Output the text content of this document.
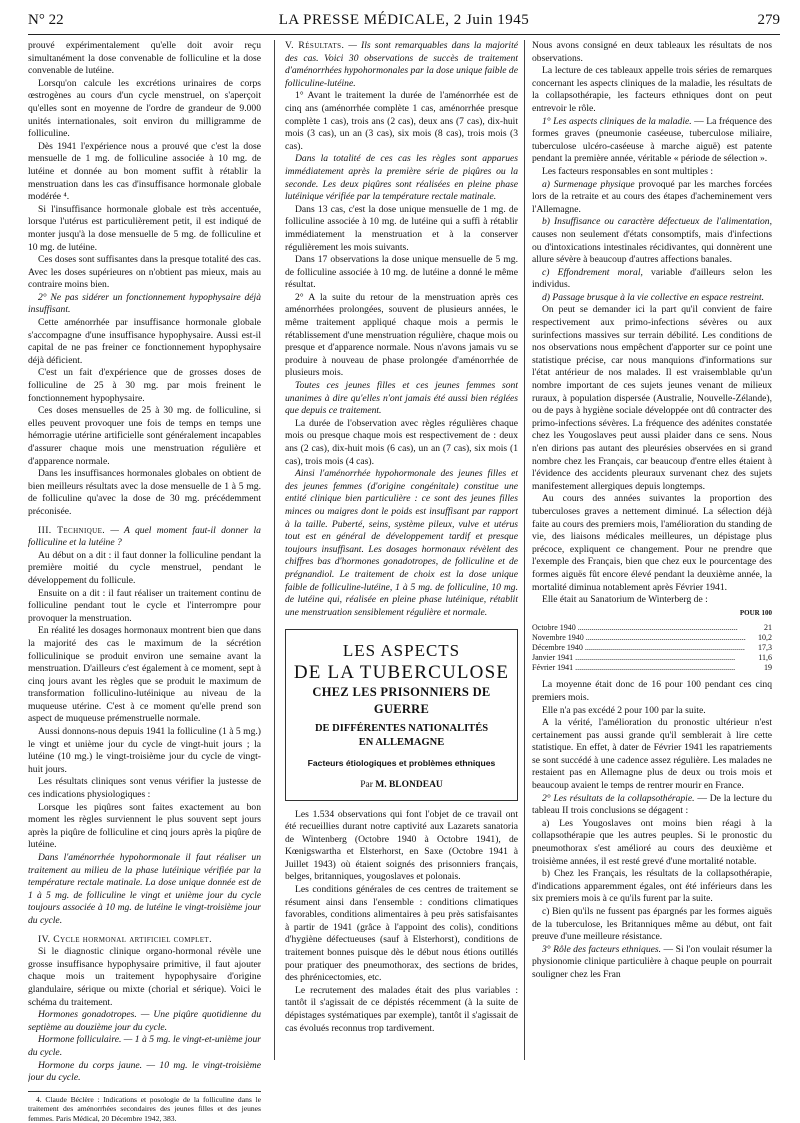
N° 22	LA PRESSE MÉDICALE, 2 Juin 1945	279

prouvé expérimentalement qu'elle doit avoir reçu simultanément la dose convenable de folliculine et la dose convenable de lutéine.

Lorsqu'on calcule les excrétions urinaires de corps œstrogènes au cours d'un cycle menstruel, on s'aperçoit qu'elles sont en moyenne de l'ordre de grandeur de 9.000 unités internationales, soit environ du milligramme de folliculine.

Dès 1941 l'expérience nous a prouvé que c'est la dose mensuelle de 1 mg. de folliculine associée à 10 mg. de lutéine et donnée au bon moment suffit à rétablir la menstruation dans les cas d'insuffisance hormonale globale modérée ⁴.

Si l'insuffisance hormonale globale est très accentuée, lorsque l'utérus est particulièrement petit, il est indiqué de monter jusqu'à la dose mensuelle de 5 mg. de folliculine et 10 mg. de lutéine.

Ces doses sont suffisantes dans la presque totalité des cas. Avec les doses supérieures on n'obtient pas mieux, mais au contraire moins bien.

2° Ne pas sidérer un fonctionnement hypophysaire déjà insuffisant.

Cette aménorrhée par insuffisance hormonale globale s'accompagne d'une insuffisance hypophysaire. Aussi est-il capital de ne pas freiner ce fonctionnement hypophysaire déjà déficient.

C'est un fait d'expérience que de grosses doses de folliculine de 25 à 30 mg. par mois freinent le fonctionnement hypophysaire.

Ces doses mensuelles de 25 à 30 mg. de folliculine, si elles peuvent provoquer une fois de temps en temps une hémorragie utérine artificielle sont généralement incapables d'assurer chaque mois une menstruation régulière et d'apparence normale.

Dans les insuffisances hormonales globales on obtient de bien meilleurs résultats avec la dose mensuelle de 1 à 5 mg. de folliculine qu'avec la dose de 30 mg. précédemment préconisée.

III. Technique. — A quel moment faut-il donner la folliculine et la lutéine ?

Au début on a dit : il faut donner la folliculine pendant la première moitié du cycle menstruel, pendant le développement du follicule.

Ensuite on a dit : il faut réaliser un traitement continu de folliculine pendant tout le cycle et l'interrompre pour provoquer la menstruation.

En réalité les dosages hormonaux montrent bien que dans la majorité des cas le maximum de la sécrétion folliculinique se produit environ une semaine avant la menstruation. D'ailleurs c'est également à ce moment, sept à cinq jours avant les règles que se produit le maximum de transformation folliculino-lutéinique au niveau de la muqueuse utérine. C'est à ce moment qu'elle prend son aspect de muqueuse prémenstruelle normale.

Aussi donnons-nous depuis 1941 la folliculine (1 à 5 mg.) le vingt et unième jour du cycle de vingt-huit jours ; la lutéine (10 mg.) le vingt-troisième jour du cycle de vingt-huit jours.

Les résultats cliniques sont venus vérifier la justesse de ces indications physiologiques :

Lorsque les piqûres sont faites exactement au bon moment les règles surviennent le plus souvent sept jours après la piqûre de folliculine et cinq jours après la piqûre de lutéine.

Dans l'aménorrhée hypohormonale il faut réaliser un traitement au milieu de la phase lutéinique vérifiée par la température rectale matinale. La dose unique donnée est de 1 à 5 mg. de folliculine le vingt et unième jour du cycle toujours associée à 10 mg. de lutéine le vingt-troisième jour du cycle.

IV. Cycle hormonal artificiel complet.

Si le diagnostic clinique organo-hormonal révèle une grosse insuffisance hypophysaire primitive, il faut ajouter chaque mois un traitement hypophysaire d'origine glandulaire, sérique ou mixte (chorial et sérique). Voici le schéma du traitement.

Hormones gonadotropes. — Une piqûre quotidienne du septième au douzième jour du cycle.

Hormone folliculaire. — 1 à 5 mg. le vingt-et-unième jour du cycle.

Hormone du corps jaune. — 10 mg. le vingt-troisième jour du cycle.

4. Claude Béclère : Indications et posologie de la folliculine dans le traitement des aménorrhées secondaires des jeunes filles et des jeunes femmes. Paris Médical, 20 Décembre 1942, 383.

V. Résultats. — Ils sont remarquables dans la majorité des cas. Voici 30 observations de succès de traitement d'aménorrhées hypohormonales par la dose unique faible de folliculine-lutéine.

1° Avant le traitement la durée de l'aménorrhée est de cinq ans (aménorrhée complète 1 cas, aménorrhée presque complète 1 cas), trois ans (2 cas), deux ans (7 cas), dix-huit mois (3 cas), un an (3 cas), six mois (8 cas), trois mois (3 cas).

Dans la totalité de ces cas les règles sont apparues immédiatement après la première série de piqûres ou la seconde. Les deux piqûres sont réalisées en pleine phase lutéinique vérifiée par la température rectale matinale.

Dans 13 cas, c'est la dose unique mensuelle de 1 mg. de folliculine associée à 10 mg. de lutéine qui a suffi à rétablir immédiatement la menstruation et à la conserver régulièrement les mois suivants.

Dans 17 observations la dose unique mensuelle de 5 mg. de folliculine associée à 10 mg. de lutéine a donné le même résultat.

2° A la suite du retour de la menstruation après ces aménorrhées prolongées, souvent de plusieurs années, le même traitement appliqué chaque mois a permis le rétablissement d'une menstruation régulière, chaque mois ou presque et d'apparence normale. Nous n'avons jamais vu se produire à nouveau de phase prolongée d'aménorrhée de plusieurs mois.

Toutes ces jeunes filles et ces jeunes femmes sont unanimes à dire qu'elles n'ont jamais été aussi bien réglées que depuis ce traitement.

La durée de l'observation avec règles régulières chaque mois ou presque chaque mois est respectivement de : deux ans (2 cas), dix-huit mois (6 cas), un an (7 cas), six mois (1 cas), trois mois (4 cas).

Ainsi l'aménorrhée hypohormonale des jeunes filles et des jeunes femmes (d'origine congénitale) constitue une entité clinique bien particulière : ce sont des jeunes filles minces ou maigres dont le poids est insuffisant par rapport à la taille. Puberté, seins, système pileux, vulve et utérus tout est en général de développement tardif et presque toujours insuffisant. Les dosages hormonaux révèlent des chiffres bas d'hormones gonadotropes, de folliculine et de prégnandiol. Le traitement de choix est la dose unique faible de folliculine-lutéine, 1 à 5 mg. de folliculine, 10 mg. de lutéine qui, réalisée en pleine phase lutéinique, rétablit une menstruation sensiblement régulière et normale.

LES ASPECTS
DE LA TUBERCULOSE
CHEZ LES PRISONNIERS DE GUERRE
DE DIFFÉRENTES NATIONALITÉS
EN ALLEMAGNE
Facteurs étiologiques et problèmes ethniques
Par M. BLONDEAU

Les 1.534 observations qui font l'objet de ce travail ont été recueillies durant notre captivité aux Lazarets sanatoria de Wintenberg (Octobre 1940 à Octobre 1941), de Kœnigswartha et Elsterhorst, en Saxe (Octobre 1941 à Juillet 1943) où étaient soignés des prisonniers français, belges, britanniques, yougoslaves et polonais.

Les conditions générales de ces centres de traitement se résument ainsi dans l'ensemble : conditions climatiques favorables, conditions alimentaires à peu près satisfaisantes à partir de 1941 (grâce à l'appoint des colis), conditions d'hygiène défectueuses (sauf à Elsterhorst), conditions de traitement bonnes puisque dès le début nous étions outillés pour pratiquer des pneumothorax, des sections de brides, des phrénicectomies, etc.

Le recrutement des malades était des plus variables : tantôt il s'agissait de ce dépistés récemment (à la suite de dépistages systématiques par exemple), tantôt il s'agissait de cas évolués reconnus trop tardivement.

Nous avons consigné en deux tableaux les résultats de nos observations.

La lecture de ces tableaux appelle trois séries de remarques concernant les aspects cliniques de la maladie, les résultats de la collapsothérapie, les facteurs ethniques dont on peut entrevoir le rôle.

1° Les aspects cliniques de la maladie. — La fréquence des formes graves (pneumonie caséeuse, tuberculose miliaire, tuberculose ulcéro-caséeuse à marche aiguë) est patente pendant la première année, véritable « période de sélection ».

Les facteurs responsables en sont multiples :

a) Surmenage physique provoqué par les marches forcées lors de la retraite et au cours des étapes d'acheminement vers l'Allemagne.

b) Insuffisance ou caractère défectueux de l'alimentation, causes non seulement d'états consomptifs, mais d'infections ou d'intoxications intestinales récidivantes, qui donnèrent une allure sévère à beaucoup d'autres affections banales.

c) Effondrement moral, variable d'ailleurs selon les individus.

d) Passage brusque à la vie collective en espace restreint.

On peut se demander ici la part qu'il convient de faire respectivement aux primo-infections sévères ou aux surinfections massives sur terrain débilité. Les conditions de nos observations nous empêchent d'apporter sur ce point une statistique précise, car nous manquions d'informations sur l'état antérieur de nos malades. Il est vraisemblable qu'un nombre important de ces sujets jeunes venant de milieux ruraux, à population dispersée (Australie, Nouvelle-Zélande), ou de pays à hygiène sociale développée ont dû contracter des primo-infections sévères. La fréquence des adénites constatée chez les Yougoslaves peut aussi plaider dans ce sens. Nous n'en dirions pas autant des pleurésies observées en si grand nombre chez les Français, car beaucoup d'entre elles étaient à l'évidence des accidents pleuraux survenant chez des sujets manifestement allergiques depuis longtemps.

Au cours des années suivantes la proportion des tuberculoses graves a nettement diminué. La sélection déjà faite au cours des premiers mois, l'amélioration du standing de vie, des liaisons médicales meilleures, un dépistage plus précoce, expliquent ce changement. Pour ne prendre que l'exemple des Français, bien que chez eux le pourcentage des formes aiguës fût encore élevé pendant la deuxième année, la mortalité diminua notablement après Février 1941.

Elle était au Sanatorium de Winterberg de :

POUR 100
Octobre 1940 ................................................................................	21
Novembre 1940 ................................................................................	10,2
Décembre 1940 ................................................................................	17,3
Janvier 1941 ................................................................................	11,6
Février 1941 ................................................................................	19

La moyenne était donc de 16 pour 100 pendant ces cinq premiers mois.

Elle n'a pas excédé 2 pour 100 par la suite.

A la vérité, l'amélioration du pronostic ultérieur n'est certainement pas aussi grande qu'il semblerait à lire cette statistique. En effet, à dater de Février 1941 les rapatriements se sont succédé à une cadence assez régulière. Les malades ne restaient pas en Allemagne plus de deux ou trois mois et beaucoup avaient le temps de rentrer mourir en France.

2° Les résultats de la collapsothérapie. — De la lecture du tableau II trois conclusions se dégagent :

a) Les Yougoslaves ont moins bien réagi à la collapsothérapie que les autres peuples. Si le pronostic du pneumothorax s'est amélioré au cours des deuxième et troisième années, il est resté grevé d'une mortalité notable.

b) Chez les Français, les résultats de la collapsothérapie, d'indications apparemment égales, ont été inférieurs dans les six premiers mois à ce qu'ils furent par la suite.

c) Bien qu'ils ne fussent pas épargnés par les formes aiguës de la tuberculose, les Britanniques même au début, ont fait preuve d'une meilleure résistance.

3° Rôle des facteurs ethniques. — Si l'on voulait résumer la physionomie clinique particulière à chaque peuple on pourrait souligner chez les Fran
